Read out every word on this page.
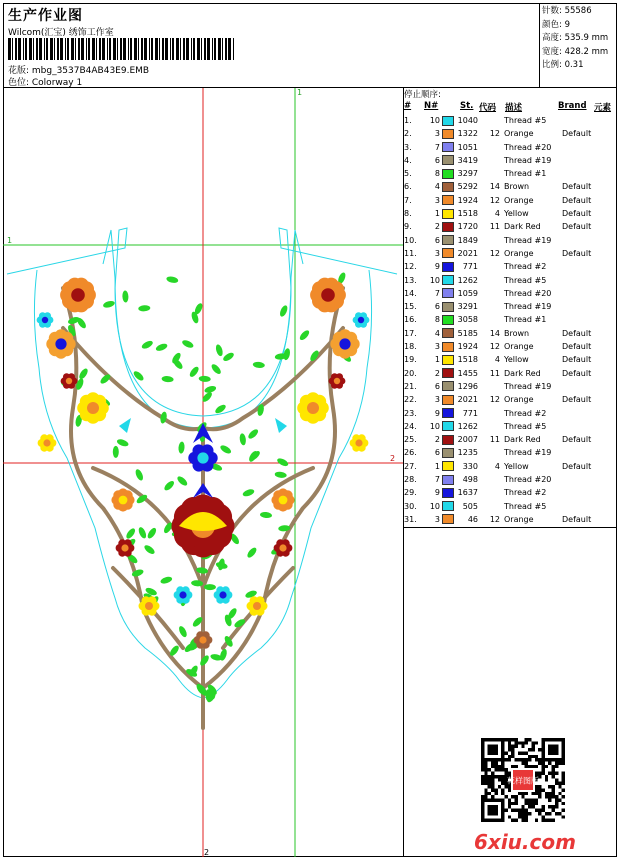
生产作业图
Wilcom(汇宝) 绣饰工作室
花版: mbg_3537B4AB43E9.EMB
色位: Colorway 1
针数: 55586
颜色: 9
高度: 535.9 mm
宽度: 428.2 mm
比例: 0.31
1
1
2
2
停止顺序:
# N#	St. 代码 描述	Brand 元素
1.	10		1040		Thread #5	
2.	3		1322	12	Orange	Default
3.	7		1051		Thread #20	
4.	6		3419		Thread #19	
5.	8		3297		Thread #1	
6.	4		5292	14	Brown	Default
7.	3		1924	12	Orange	Default
8.	1		1518	4	Yellow	Default
9.	2		1720	11	Dark Red	Default
10.	6		1849		Thread #19	
11.	3		2021	12	Orange	Default
12.	9		771		Thread #2	
13.	10		1262		Thread #5	
14.	7		1059		Thread #20	
15.	6		3291		Thread #19	
16.	8		3058		Thread #1	
17.	4		5185	14	Brown	Default
18.	3		1924	12	Orange	Default
19.	1		1518	4	Yellow	Default
20.	2		1455	11	Dark Red	Default
21.	6		1296		Thread #19	
22.	3		2021	12	Orange	Default
23.	9		771		Thread #2	
24.	10		1262		Thread #5	
25.	2		2007	11	Dark Red	Default
26.	6		1235		Thread #19	
27.	1		330	4	Yellow	Default
28.	7		498		Thread #20	
29.	9		1637		Thread #2	
30.	10		505		Thread #5	
31.	3		46	12	Orange	Default
花样图版
6xiu.com
